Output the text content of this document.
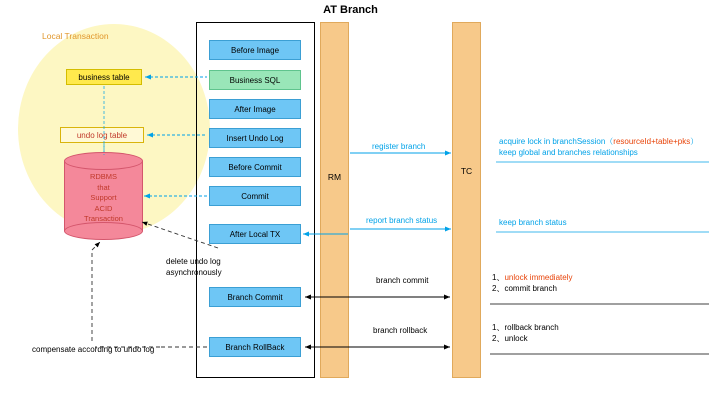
Local Transaction
AT Branch
RM
TC
RDBMS
that
Support
ACID
Transaction
business table
undo log table
Before Image
Business SQL
After Image
Insert Undo Log
Before Commit
Commit
After Local TX
Branch Commit
Branch RollBack
register branch
report branch status
branch commit
branch rollback
acquire lock in branchSession（resourceId+table+pks）
keep global and branches relationships
keep branch status
1、unlock immediately
2、commit branch
1、rollback branch
2、unlock
delete undo log
asynchronously
compensate according to undo log
